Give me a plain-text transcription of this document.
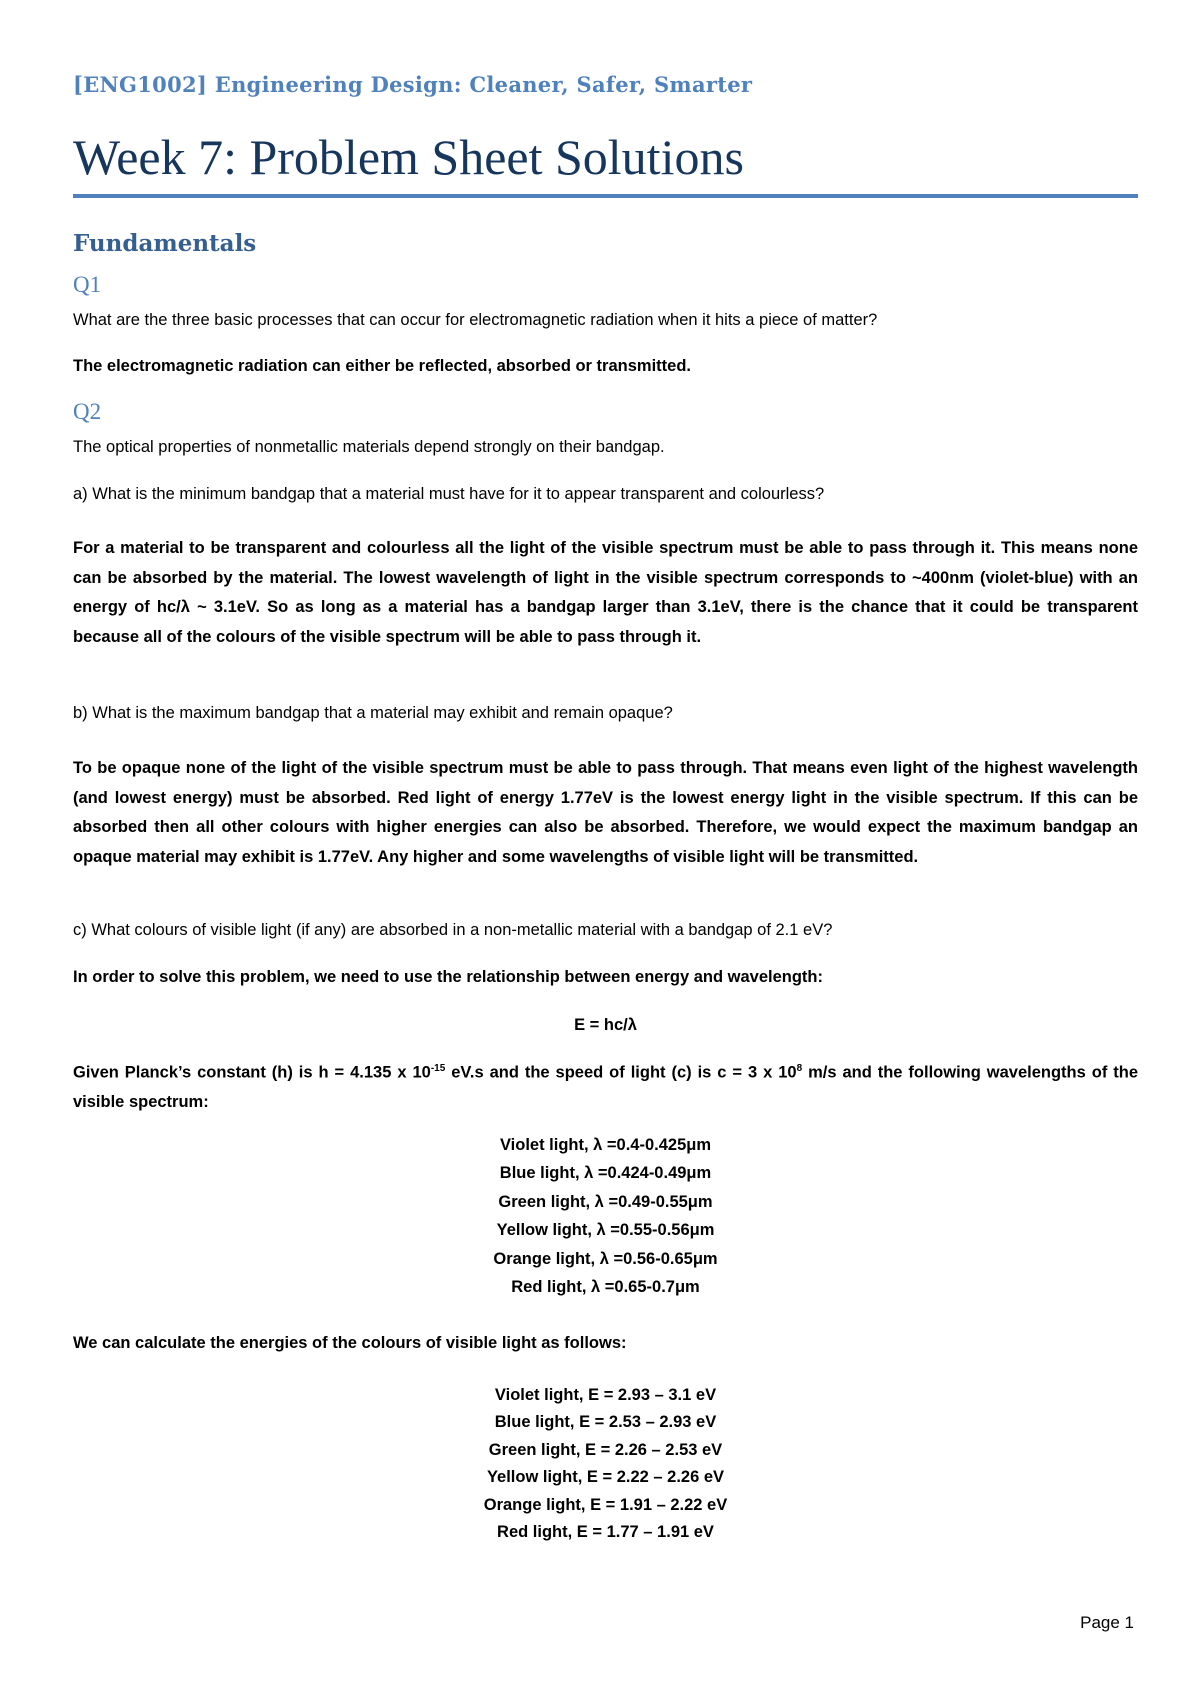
[ENG1002] Engineering Design: Cleaner, Safer, Smarter
Week 7: Problem Sheet Solutions
Fundamentals
Q1
What are the three basic processes that can occur for electromagnetic radiation when it hits a piece of matter?
The electromagnetic radiation can either be reflected, absorbed or transmitted.
Q2
The optical properties of nonmetallic materials depend strongly on their bandgap.
a) What is the minimum bandgap that a material must have for it to appear transparent and colourless?
For a material to be transparent and colourless all the light of the visible spectrum must be able to pass through it. This means none can be absorbed by the material. The lowest wavelength of light in the visible spectrum corresponds to ~400nm (violet-blue) with an energy of hc/λ ~ 3.1eV. So as long as a material has a bandgap larger than 3.1eV, there is the chance that it could be transparent because all of the colours of the visible spectrum will be able to pass through it.
b) What is the maximum bandgap that a material may exhibit and remain opaque?
To be opaque none of the light of the visible spectrum must be able to pass through. That means even light of the highest wavelength (and lowest energy) must be absorbed. Red light of energy 1.77eV is the lowest energy light in the visible spectrum. If this can be absorbed then all other colours with higher energies can also be absorbed. Therefore, we would expect the maximum bandgap an opaque material may exhibit is 1.77eV. Any higher and some wavelengths of visible light will be transmitted.
c) What colours of visible light (if any) are absorbed in a non-metallic material with a bandgap of 2.1 eV?
In order to solve this problem, we need to use the relationship between energy and wavelength:
E = hc/λ
Given Planck’s constant (h) is h = 4.135 x $10^{-15}$ eV.s and the speed of light (c) is c = 3 x $10^8$ m/s and the following wavelengths of the visible spectrum:
Violet light, λ =0.4-0.425μm
Blue light, λ =0.424-0.49μm
Green light, λ =0.49-0.55μm
Yellow light, λ =0.55-0.56μm
Orange light, λ =0.56-0.65μm
Red light, λ =0.65-0.7μm
We can calculate the energies of the colours of visible light as follows:
Violet light, E = 2.93 – 3.1 eV
Blue light, E = 2.53 – 2.93 eV
Green light, E = 2.26 – 2.53 eV
Yellow light, E = 2.22 – 2.26 eV
Orange light, E = 1.91 – 2.22 eV
Red light, E = 1.77 – 1.91 eV
Page 1
